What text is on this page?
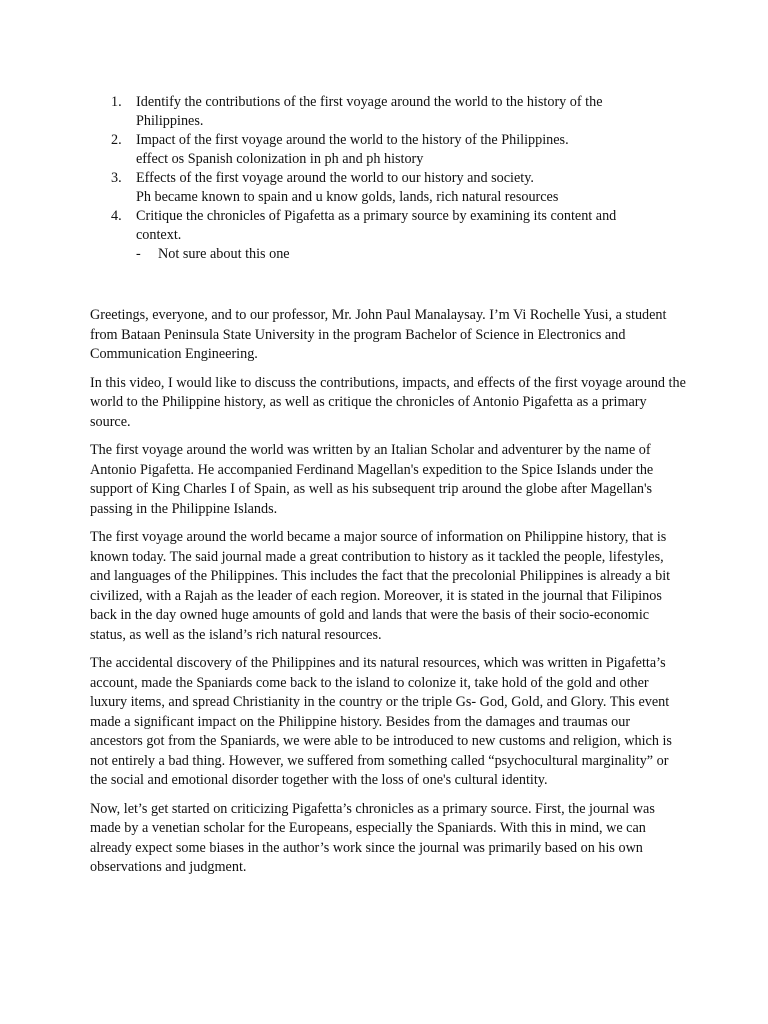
1. Identify the contributions of the first voyage around the world to the history of the Philippines.
2. Impact of the first voyage around the world to the history of the Philippines.
effect os Spanish colonization in ph and ph history
3. Effects of the first voyage around the world to our history and society.
Ph became known to spain and u know golds, lands, rich natural resources
4. Critique the chronicles of Pigafetta as a primary source by examining its content and context.
- Not sure about this one

Greetings, everyone, and to our professor, Mr. John Paul Manalaysay. I’m Vi Rochelle Yusi, a student from Bataan Peninsula State University in the program Bachelor of Science in Electronics and Communication Engineering.

In this video, I would like to discuss the contributions, impacts, and effects of the first voyage around the world to the Philippine history, as well as critique the chronicles of Antonio Pigafetta as a primary source.

The first voyage around the world was written by an Italian Scholar and adventurer by the name of Antonio Pigafetta. He accompanied Ferdinand Magellan's expedition to the Spice Islands under the support of King Charles I of Spain, as well as his subsequent trip around the globe after Magellan's passing in the Philippine Islands.

The first voyage around the world became a major source of information on Philippine history, that is known today. The said journal made a great contribution to history as it tackled the people, lifestyles, and languages of the Philippines. This includes the fact that the precolonial Philippines is already a bit civilized, with a Rajah as the leader of each region. Moreover, it is stated in the journal that Filipinos back in the day owned huge amounts of gold and lands that were the basis of their socio-economic status, as well as the island’s rich natural resources.

The accidental discovery of the Philippines and its natural resources, which was written in Pigafetta’s account, made the Spaniards come back to the island to colonize it, take hold of the gold and other luxury items, and spread Christianity in the country or the triple Gs- God, Gold, and Glory. This event made a significant impact on the Philippine history. Besides from the damages and traumas our ancestors got from the Spaniards, we were able to be introduced to new customs and religion, which is not entirely a bad thing. However, we suffered from something called “psychocultural marginality” or the social and emotional disorder together with the loss of one's cultural identity.

Now, let’s get started on criticizing Pigafetta’s chronicles as a primary source. First, the journal was made by a venetian scholar for the Europeans, especially the Spaniards. With this in mind, we can already expect some biases in the author’s work since the journal was primarily based on his own observations and judgment.
